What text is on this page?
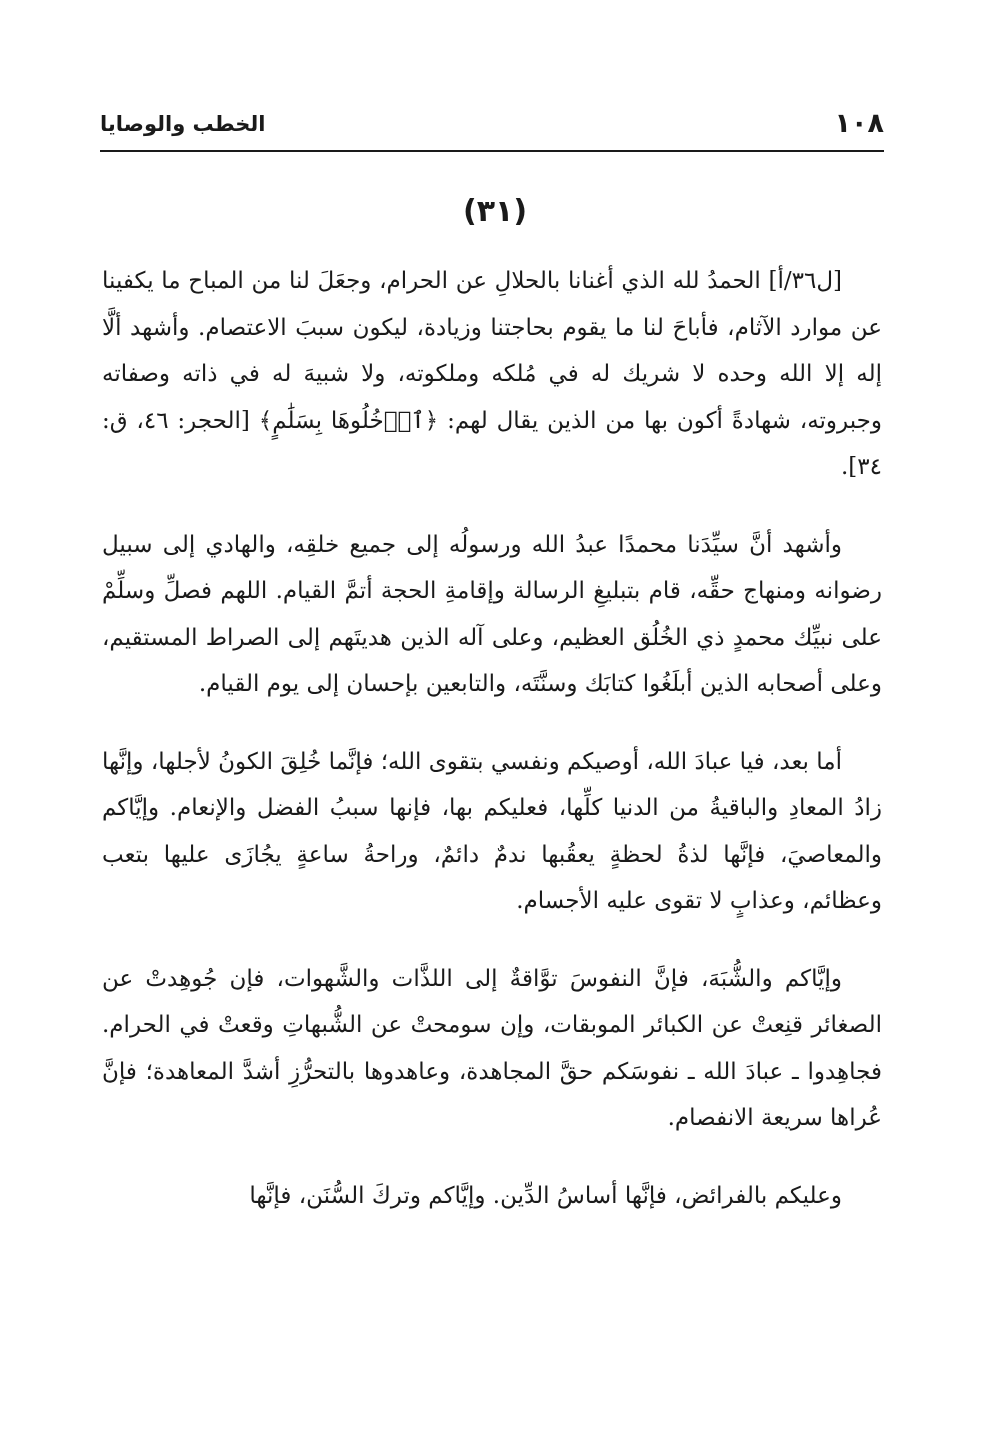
الخطب والوصايا	١٠٨
(٣١)

[ل٣٦/أ] الحمدُ لله الذي أغنانا بالحلالِ عن الحرام، وجعَلَ لنا من المباح ما يكفينا عن موارد الآثام، فأباحَ لنا ما يقوم بحاجتنا وزيادة، ليكون سببَ الاعتصام. وأشهد ألَّا إله إلا الله وحده لا شريك له في مُلكه وملكوته، ولا شبيهَ له في ذاته وصفاته وجبروته، شهادةً أكون بها من الذين يقال لهم: ﴿ٱدۡخُلُوهَا بِسَلَٰمٍ﴾ [الحجر: ٤٦، ق: ٣٤].

وأشهد أنَّ سيِّدَنا محمدًا عبدُ الله ورسولُه إلى جميع خلقِه، والهادي إلى سبيل رضوانه ومنهاج حقِّه، قام بتبليغِ الرسالة وإقامةِ الحجة أتمَّ القيام. اللهم فصلِّ وسلِّمْ على نبيِّك محمدٍ ذي الخُلُق العظيم، وعلى آله الذين هديتَهم إلى الصراط المستقيم، وعلى أصحابه الذين أبلَغُوا كتابَك وسنَّتَه، والتابعين بإحسان إلى يوم القيام.

أما بعد، فيا عبادَ الله، أوصيكم ونفسي بتقوى الله؛ فإنَّما خُلِقَ الكونُ لأجلها، وإنَّها زادُ المعادِ والباقيةُ من الدنيا كلِّها، فعليكم بها، فإنها سببُ الفضل والإنعام. وإيَّاكم والمعاصيَ، فإنَّها لذةُ لحظةٍ يعقُبها ندمٌ دائمٌ، وراحةُ ساعةٍ يجُازَى عليها بتعب وعظائم، وعذابٍ لا تقوى عليه الأجسام.

وإيَّاكم والشُّبَهَ، فإنَّ النفوسَ توَّاقةٌ إلى اللذَّات والشَّهوات، فإن جُوهِدتْ عن الصغائر قنِعتْ عن الكبائر الموبقات، وإن سومحتْ عن الشُّبهاتِ وقعتْ في الحرام. فجاهِدوا ـ عبادَ الله ـ نفوسَكم حقَّ المجاهدة، وعاهدوها بالتحرُّزِ أشدَّ المعاهدة؛ فإنَّ عُراها سريعة الانفصام.

وعليكم بالفرائض، فإنَّها أساسُ الدِّين. وإيَّاكم وتركَ السُّنَن، فإنَّها
